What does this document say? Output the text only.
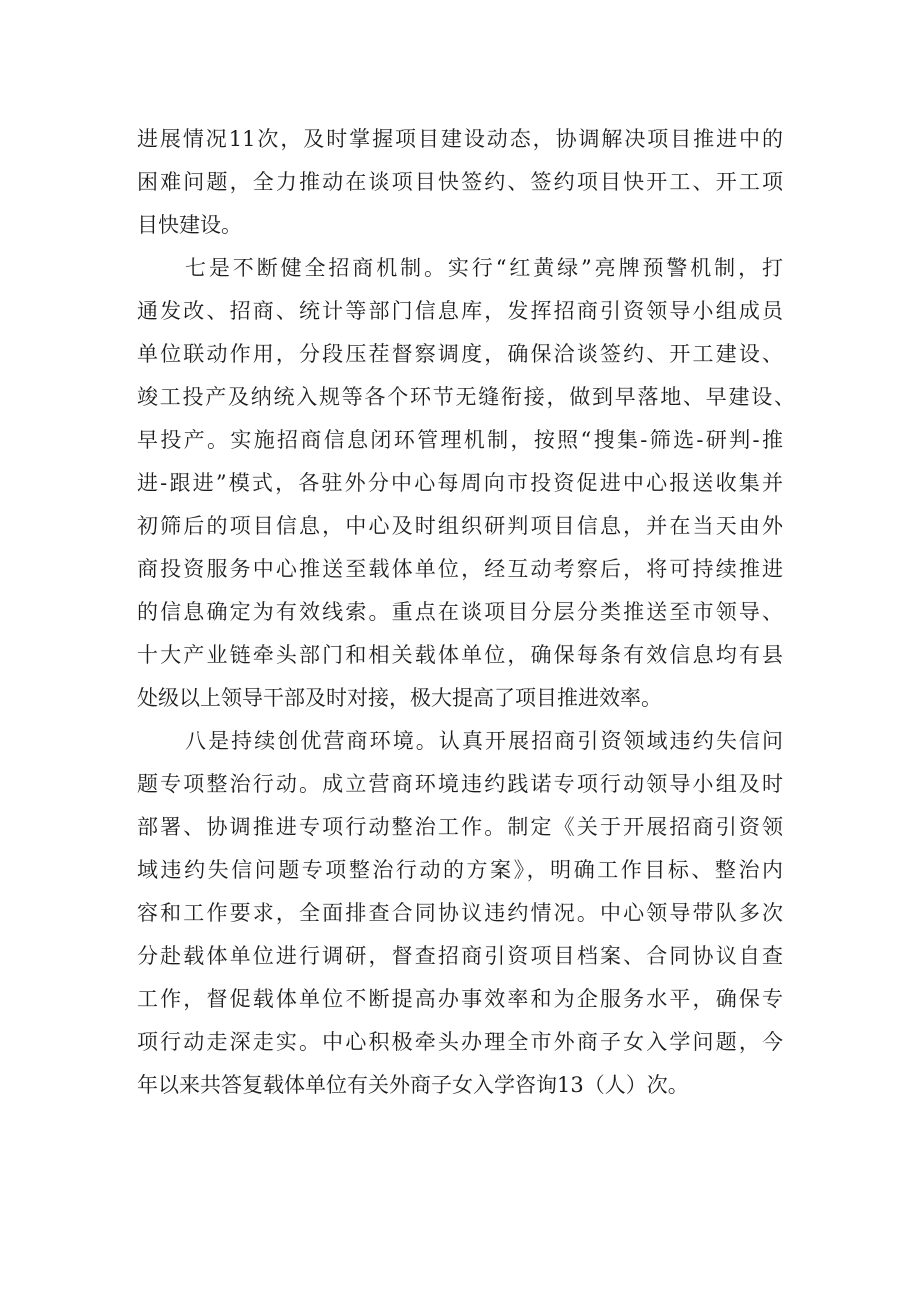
进展情况11次，及时掌握项目建设动态，协调解决项目推进中的
困难问题，全力推动在谈项目快签约、签约项目快开工、开工项
目快建设。
七是不断健全招商机制。实行“红黄绿”亮牌预警机制，打
通发改、招商、统计等部门信息库，发挥招商引资领导小组成员
单位联动作用，分段压茬督察调度，确保洽谈签约、开工建设、
竣工投产及纳统入规等各个环节无缝衔接，做到早落地、早建设、
早投产。实施招商信息闭环管理机制，按照“搜集-筛选-研判-推
进-跟进”模式，各驻外分中心每周向市投资促进中心报送收集并
初筛后的项目信息，中心及时组织研判项目信息，并在当天由外
商投资服务中心推送至载体单位，经互动考察后，将可持续推进
的信息确定为有效线索。重点在谈项目分层分类推送至市领导、
十大产业链牵头部门和相关载体单位，确保每条有效信息均有县
处级以上领导干部及时对接，极大提高了项目推进效率。
八是持续创优营商环境。认真开展招商引资领域违约失信问
题专项整治行动。成立营商环境违约践诺专项行动领导小组及时
部署、协调推进专项行动整治工作。制定《关于开展招商引资领
域违约失信问题专项整治行动的方案》，明确工作目标、整治内
容和工作要求，全面排查合同协议违约情况。中心领导带队多次
分赴载体单位进行调研，督查招商引资项目档案、合同协议自查
工作，督促载体单位不断提高办事效率和为企服务水平，确保专
项行动走深走实。中心积极牵头办理全市外商子女入学问题，今
年以来共答复载体单位有关外商子女入学咨询13（人）次。
